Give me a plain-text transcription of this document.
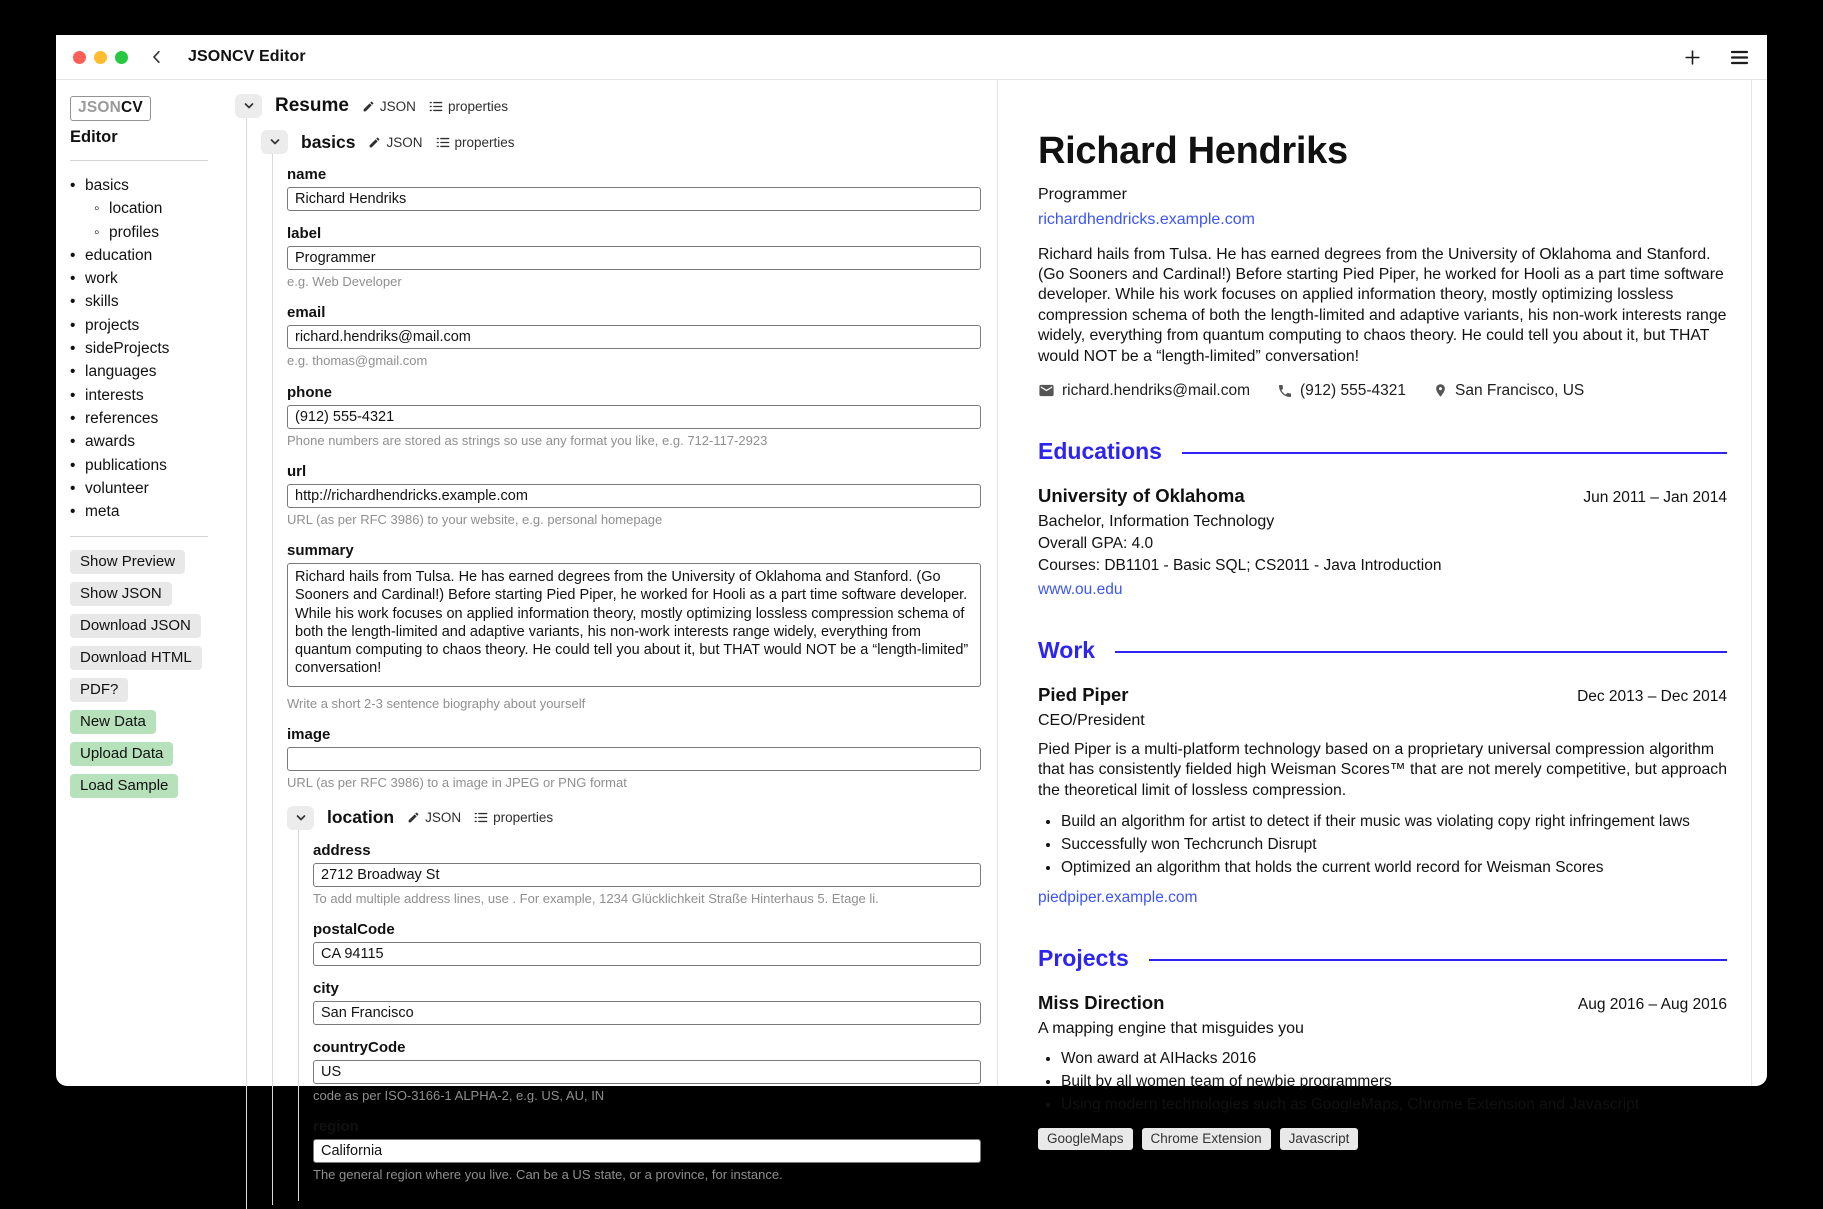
JSONCV Editor
JSONCV
Editor
• basics
◦ location
◦ profiles
• education
• work
• skills
• projects
• sideProjects
• languages
• interests
• references
• awards
• publications
• volunteer
• meta
Show Preview
Show JSON
Download JSON
Download HTML
PDF?
New Data
Upload Data
Load Sample
Resume JSON properties
basics JSON properties
name
Richard Hendriks
label
Programmer
e.g. Web Developer
email
richard.hendriks@mail.com
e.g. thomas@gmail.com
phone
(912) 555-4321
Phone numbers are stored as strings so use any format you like, e.g. 712-117-2923
url
http://richardhendricks.example.com
URL (as per RFC 3986) to your website, e.g. personal homepage
summary
Richard hails from Tulsa. He has earned degrees from the University of Oklahoma and Stanford. (Go Sooners and Cardinal!) Before starting Pied Piper, he worked for Hooli as a part time software developer. While his work focuses on applied information theory, mostly optimizing lossless compression schema of both the length-limited and adaptive variants, his non-work interests range widely, everything from quantum computing to chaos theory. He could tell you about it, but THAT would NOT be a “length-limited” conversation!
Write a short 2-3 sentence biography about yourself
image
URL (as per RFC 3986) to a image in JPEG or PNG format
location JSON properties
address
2712 Broadway St
To add multiple address lines, use . For example, 1234 Glücklichkeit Straße Hinterhaus 5. Etage li.
postalCode
CA 94115
city
San Francisco
countryCode
US
code as per ISO-3166-1 ALPHA-2, e.g. US, AU, IN
region
California
The general region where you live. Can be a US state, or a province, for instance.
Richard Hendriks
Programmer
richardhendricks.example.com

Richard hails from Tulsa. He has earned degrees from the University of Oklahoma and Stanford. (Go Sooners and Cardinal!) Before starting Pied Piper, he worked for Hooli as a part time software developer. While his work focuses on applied information theory, mostly optimizing lossless compression schema of both the length-limited and adaptive variants, his non-work interests range widely, everything from quantum computing to chaos theory. He could tell you about it, but THAT would NOT be a “length-limited” conversation!

richard.hendriks@mail.com	(912) 555-4321	San Francisco, US
Educations
University of Oklahoma	Jun 2011 – Jan 2014
Bachelor, Information Technology
Overall GPA: 4.0
Courses: DB1101 - Basic SQL; CS2011 - Java Introduction
www.ou.edu
Work
Pied Piper	Dec 2013 – Dec 2014
CEO/President

Pied Piper is a multi-platform technology based on a proprietary universal compression algorithm that has consistently fielded high Weisman Scores™ that are not merely competitive, but approach the theoretical limit of lossless compression.

• Build an algorithm for artist to detect if their music was violating copy right infringement laws
• Successfully won Techcrunch Disrupt
• Optimized an algorithm that holds the current world record for Weisman Scores
piedpiper.example.com
Projects
Miss Direction	Aug 2016 – Aug 2016
A mapping engine that misguides you
• Won award at AIHacks 2016
• Built by all women team of newbie programmers
• Using modern technologies such as GoogleMaps, Chrome Extension and Javascript
GoogleMaps	Chrome Extension	Javascript
